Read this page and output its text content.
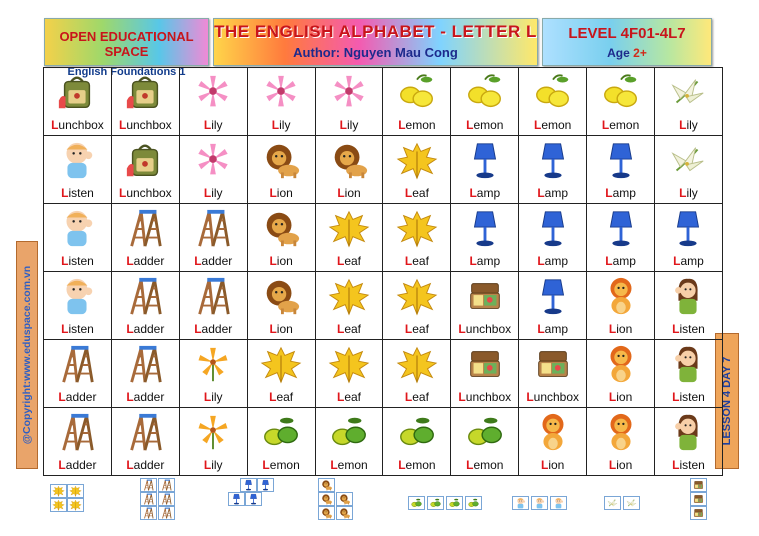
OPEN EDUCATIONAL SPACE
English Foundations 1
THE ENGLISH ALPHABET - LETTER L
Author: Nguyen Mau Cong
LEVEL 4F01-4L7
Age 2+
@Copyright:www.eduspace.com.vn	LESSON 4 DAY 7
Lunchbox	Lunchbox	Lily	Lily	Lily	Lemon	Lemon	Lemon	Lemon	Lily

Listen	Lunchbox	Lily	Lion	Lion	Leaf	Lamp	Lamp	Lamp	Lily

Listen	Ladder	Ladder	Lion	Leaf	Leaf	Lamp	Lamp	Lamp	Lamp

Listen	Ladder	Ladder	Lion	Leaf	Leaf	Lunchbox	Lamp	Lion	Listen

Ladder	Ladder	Lily	Leaf	Leaf	Leaf	Lunchbox	Lunchbox	Lion	Listen

Ladder	Ladder	Lily	Lemon	Lemon	Lemon	Lemon	Lion	Lion	Listen
